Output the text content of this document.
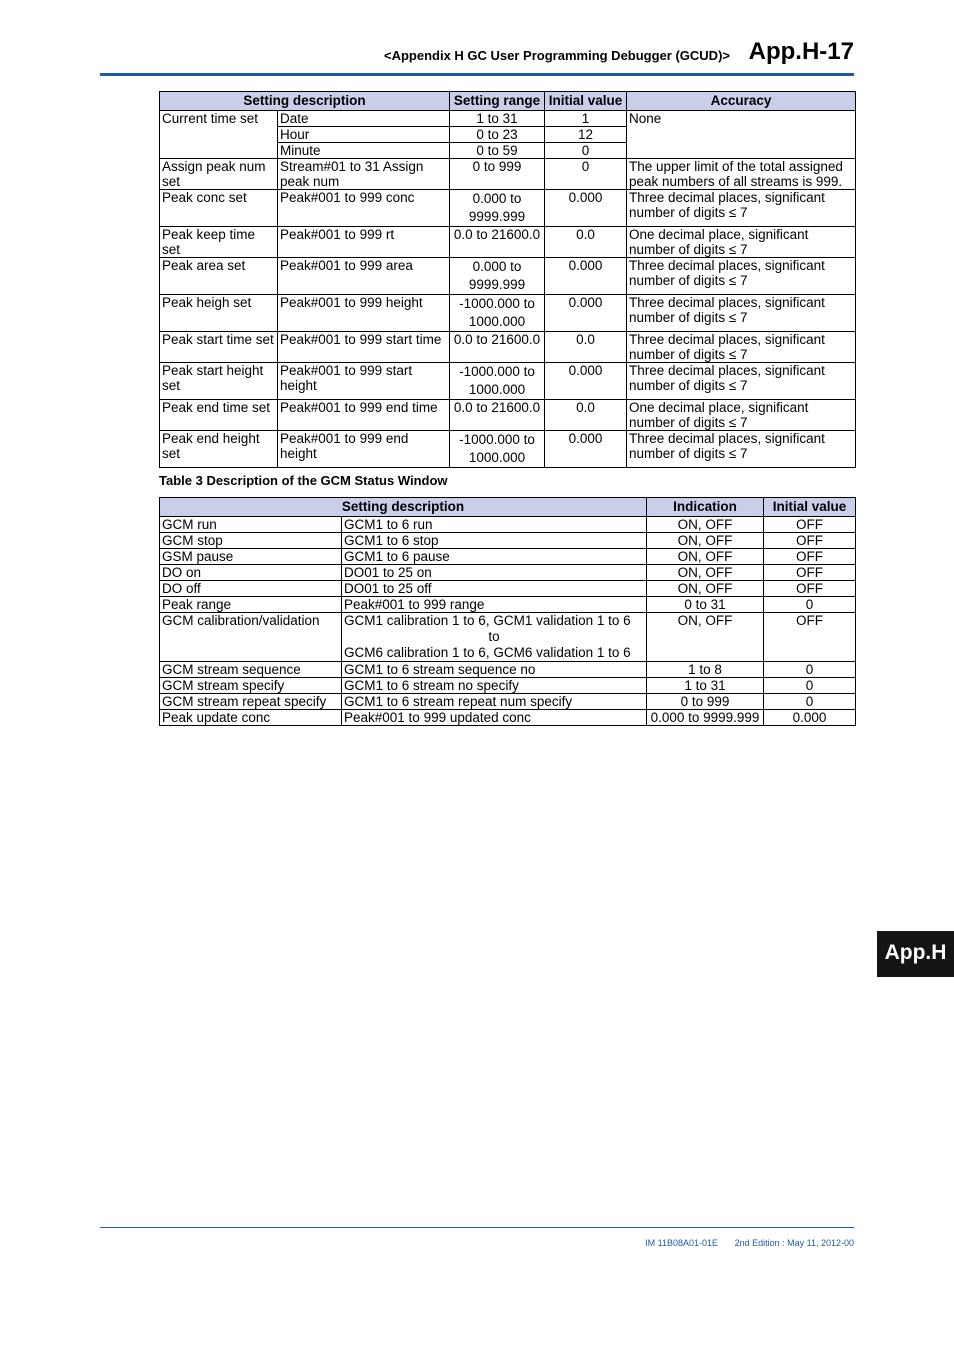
<Appendix H GC User Programming Debugger (GCUD)> App.H-17
Setting description		Setting range	Initial value	Accuracy
Current time set	Date	1 to 31	1	None
	Hour	0 to 23	12	
	Minute	0 to 59	0	
Assign peak num set	Stream#01 to 31 Assign peak num	0 to 999	0	The upper limit of the total assigned peak numbers of all streams is 999.
Peak conc set	Peak#001 to 999 conc	0.000 to 9999.999	0.000	Three decimal places, significant number of digits ≤ 7
Peak keep time set	Peak#001 to 999 rt	0.0 to 21600.0	0.0	One decimal place, significant number of digits ≤ 7
Peak area set	Peak#001 to 999 area	0.000 to 9999.999	0.000	Three decimal places, significant number of digits ≤ 7
Peak heigh set	Peak#001 to 999 height	-1000.000 to 1000.000	0.000	Three decimal places, significant number of digits ≤ 7
Peak start time set	Peak#001 to 999 start time	0.0 to 21600.0	0.0	Three decimal places, significant number of digits ≤ 7
Peak start height set	Peak#001 to 999 start height	-1000.000 to 1000.000	0.000	Three decimal places, significant number of digits ≤ 7
Peak end time set	Peak#001 to 999 end time	0.0 to 21600.0	0.0	One decimal place, significant number of digits ≤ 7
Peak end height set	Peak#001 to 999 end height	-1000.000 to 1000.000	0.000	Three decimal places, significant number of digits ≤ 7
Table 3 Description of the GCM Status Window
Setting description		Indication	Initial value
GCM run	GCM1 to 6 run	ON, OFF	OFF
GCM stop	GCM1 to 6 stop	ON, OFF	OFF
GSM pause	GCM1 to 6 pause	ON, OFF	OFF
DO on	DO01 to 25 on	ON, OFF	OFF
DO off	DO01 to 25 off	ON, OFF	OFF
Peak range	Peak#001 to 999 range	0 to 31	0
GCM calibration/validation	GCM1 calibration 1 to 6, GCM1 validation 1 to 6
to
GCM6 calibration 1 to 6, GCM6 validation 1 to 6	ON, OFF	OFF
GCM stream sequence	GCM1 to 6 stream sequence no	1 to 8	0
GCM stream specify	GCM1 to 6 stream no specify	1 to 31	0
GCM stream repeat specify	GCM1 to 6 stream repeat num specify	0 to 999	0
Peak update conc	Peak#001 to 999 updated conc	0.000 to 9999.999	0.000
App.H
IM 11B08A01-01E 2nd Edition : May 11, 2012-00
